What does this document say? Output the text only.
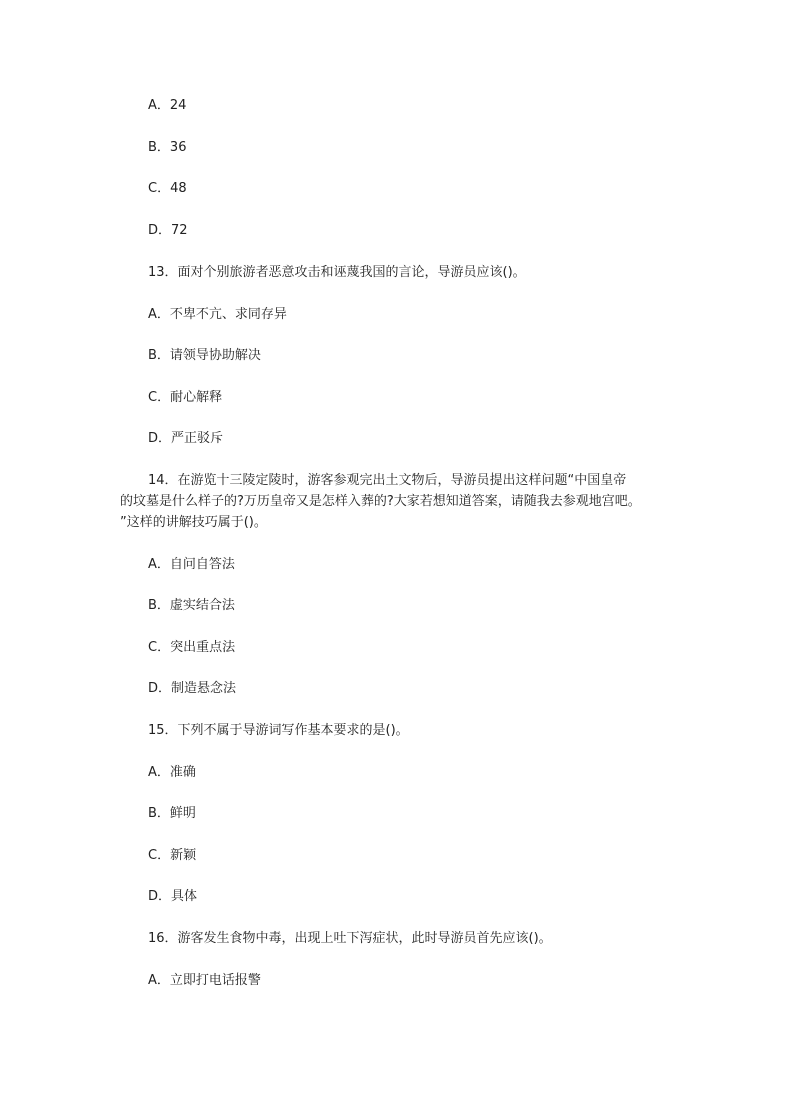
A．24
B．36
C．48
D．72
13．面对个别旅游者恶意攻击和诬蔑我国的言论，导游员应该()。
A．不卑不亢、求同存异
B．请领导协助解决
C．耐心解释
D．严正驳斥
14．在游览十三陵定陵时，游客参观完出土文物后，导游员提出这样问题“中国皇帝
的坟墓是什么样子的?万历皇帝又是怎样入葬的?大家若想知道答案，请随我去参观地宫吧。
”这样的讲解技巧属于()。
A．自问自答法
B．虚实结合法
C．突出重点法
D．制造悬念法
15．下列不属于导游词写作基本要求的是()。
A．准确
B．鲜明
C．新颖
D．具体
16．游客发生食物中毒，出现上吐下泻症状，此时导游员首先应该()。
A．立即打电话报警
